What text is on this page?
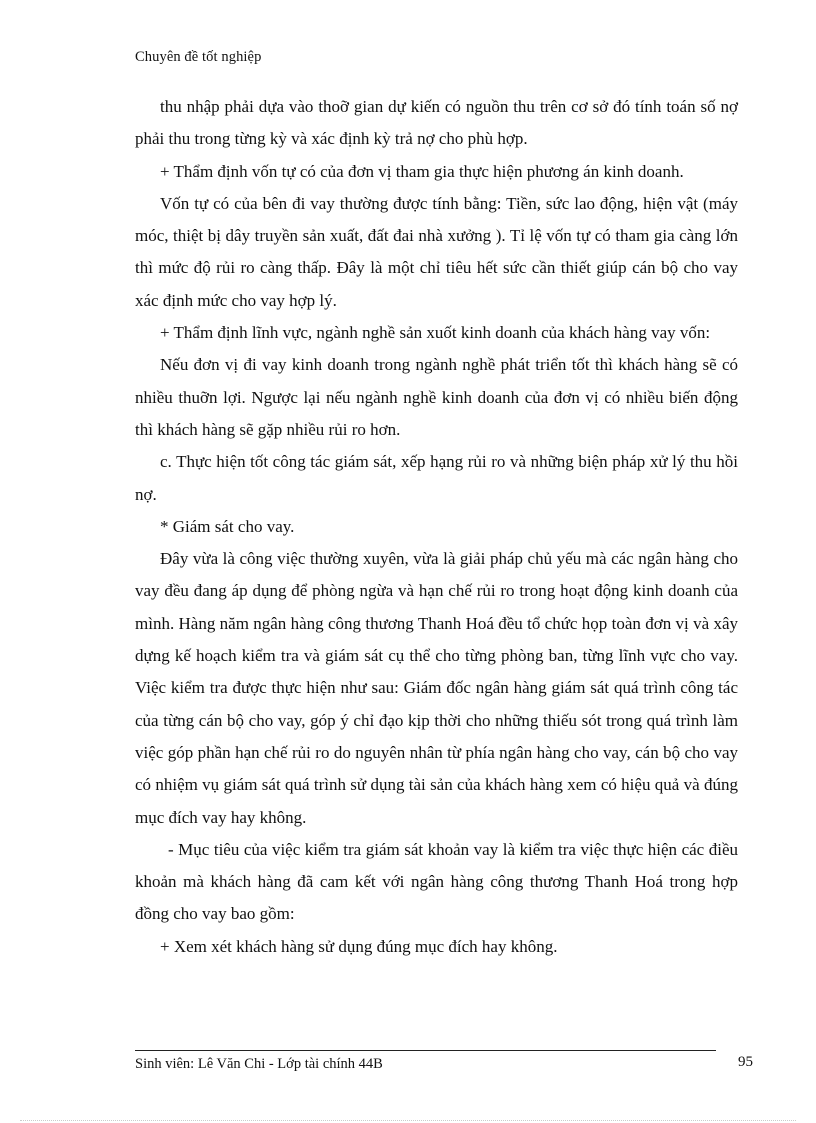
Chuyên đề tốt nghiệp

thu nhập phải dựa vào thoỡ gian dự kiến có nguồn thu trên cơ sở đó tính toán số nợ phải thu trong từng kỳ và xác định kỳ trả nợ cho phù hợp.

+ Thẩm định vốn tự có của đơn vị tham gia thực hiện phương án kinh doanh.

Vốn tự có của bên đi vay thường được tính bằng: Tiền, sức lao động, hiện vật (máy móc, thiệt bị dây truyền sản xuất, đất đai nhà xưởng ). Tỉ lệ vốn tự có tham gia càng lớn thì mức độ rủi ro càng thấp. Đây là một chỉ tiêu hết sức cần thiết giúp cán bộ cho vay xác định mức cho vay hợp lý.

+ Thẩm định lĩnh vực, ngành nghề sản xuốt kinh doanh của khách hàng vay vốn:

Nếu đơn vị đi vay kinh doanh trong ngành nghề phát triển tốt thì khách hàng sẽ có nhiều thuỡn lợi. Ngược lại nếu ngành nghề kinh doanh của đơn vị có nhiều biến động thì khách hàng sẽ gặp nhiều rủi ro hơn.

c. Thực hiện tốt công tác giám sát, xếp hạng rủi ro và những biện pháp xử lý thu hồi nợ.

* Giám sát cho vay.

Đây vừa là công việc thường xuyên, vừa là giải pháp chủ yếu mà các ngân hàng cho vay đều đang áp dụng để phòng ngừa và hạn chế rủi ro trong hoạt động kinh doanh của mình. Hàng năm ngân hàng công thương Thanh Hoá đều tổ chức họp toàn đơn vị và xây dựng kế hoạch kiểm tra và giám sát cụ thể cho từng phòng ban, từng lĩnh vực cho vay. Việc kiểm tra được thực hiện như sau: Giám đốc ngân hàng giám sát quá trình công tác của từng cán bộ cho vay, góp ý chỉ đạo kịp thời cho những thiếu sót trong quá trình làm việc góp phần hạn chế rủi ro do nguyên nhân từ phía ngân hàng cho vay, cán bộ cho vay có nhiệm vụ giám sát quá trình sử dụng tài sản của khách hàng xem có hiệu quả và đúng mục đích vay hay không.

- Mục tiêu của việc kiểm tra giám sát khoản vay là kiểm tra việc thực hiện các điều khoản mà khách hàng đã cam kết với ngân hàng công thương Thanh Hoá trong hợp đồng cho vay bao gồm:

+ Xem xét khách hàng sử dụng đúng mục đích hay không.

Sinh viên: Lê Văn Chi - Lớp tài chính 44B	95
